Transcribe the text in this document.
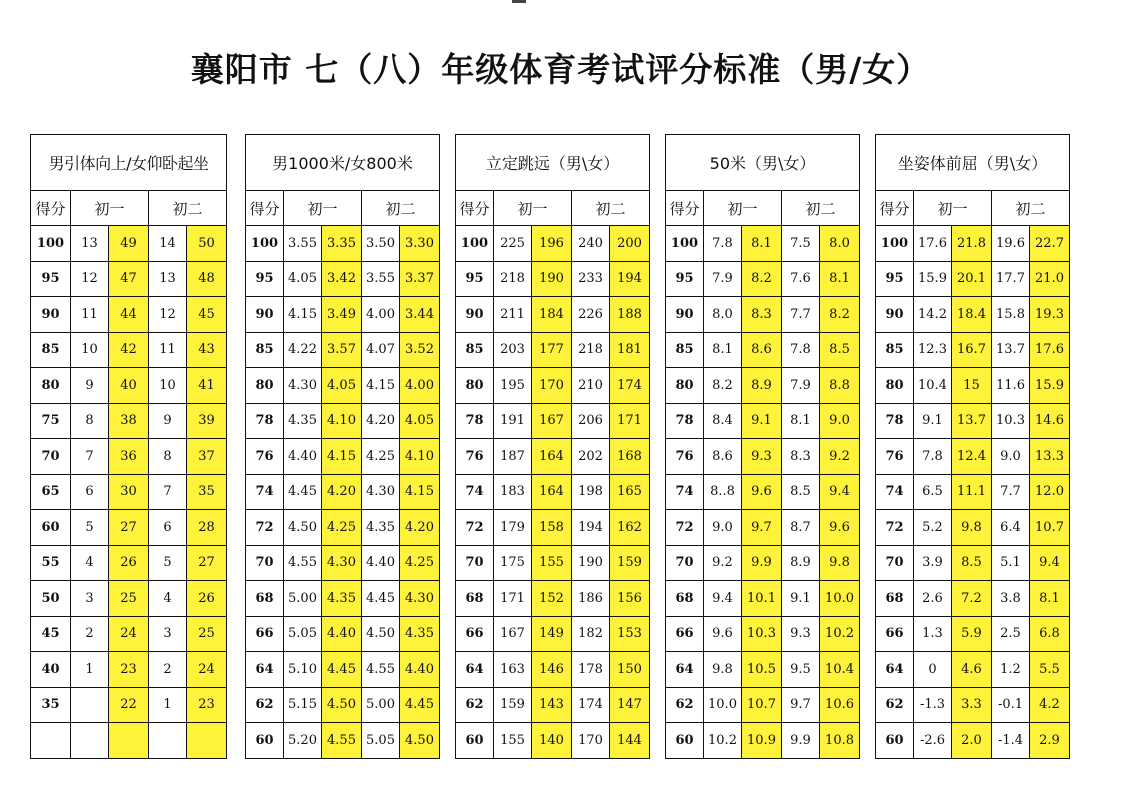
襄阳市 七（八）年级体育考试评分标准（男/女）
男引体向上/女仰卧起坐				
得分	初一		初二	
100	13	49	14	50
95	12	47	13	48
90	11	44	12	45
85	10	42	11	43
80	9	40	10	41
75	8	38	9	39
70	7	36	8	37
65	6	30	7	35
60	5	27	6	28
55	4	26	5	27
50	3	25	4	26
45	2	24	3	25
40	1	23	2	24
35		22	1	23

男1000米/女800米				
得分	初一		初二	
100	3.55	3.35	3.50	3.30
95	4.05	3.42	3.55	3.37
90	4.15	3.49	4.00	3.44
85	4.22	3.57	4.07	3.52
80	4.30	4.05	4.15	4.00
78	4.35	4.10	4.20	4.05
76	4.40	4.15	4.25	4.10
74	4.45	4.20	4.30	4.15
72	4.50	4.25	4.35	4.20
70	4.55	4.30	4.40	4.25
68	5.00	4.35	4.45	4.30
66	5.05	4.40	4.50	4.35
64	5.10	4.45	4.55	4.40
62	5.15	4.50	5.00	4.45
60	5.20	4.55	5.05	4.50
立定跳远（男\女）				
得分	初一		初二	
100	225	196	240	200
95	218	190	233	194
90	211	184	226	188
85	203	177	218	181
80	195	170	210	174
78	191	167	206	171
76	187	164	202	168
74	183	164	198	165
72	179	158	194	162
70	175	155	190	159
68	171	152	186	156
66	167	149	182	153
64	163	146	178	150
62	159	143	174	147
60	155	140	170	144
50米（男\女）				
得分	初一		初二	
100	7.8	8.1	7.5	8.0
95	7.9	8.2	7.6	8.1
90	8.0	8.3	7.7	8.2
85	8.1	8.6	7.8	8.5
80	8.2	8.9	7.9	8.8
78	8.4	9.1	8.1	9.0
76	8.6	9.3	8.3	9.2
74	8..8	9.6	8.5	9.4
72	9.0	9.7	8.7	9.6
70	9.2	9.9	8.9	9.8
68	9.4	10.1	9.1	10.0
66	9.6	10.3	9.3	10.2
64	9.8	10.5	9.5	10.4
62	10.0	10.7	9.7	10.6
60	10.2	10.9	9.9	10.8
坐姿体前屈（男\女）				
得分	初一		初二	
100	17.6	21.8	19.6	22.7
95	15.9	20.1	17.7	21.0
90	14.2	18.4	15.8	19.3
85	12.3	16.7	13.7	17.6
80	10.4	15	11.6	15.9
78	9.1	13.7	10.3	14.6
76	7.8	12.4	9.0	13.3
74	6.5	11.1	7.7	12.0
72	5.2	9.8	6.4	10.7
70	3.9	8.5	5.1	9.4
68	2.6	7.2	3.8	8.1
66	1.3	5.9	2.5	6.8
64	0	4.6	1.2	5.5
62	-1.3	3.3	-0.1	4.2
60	-2.6	2.0	-1.4	2.9
